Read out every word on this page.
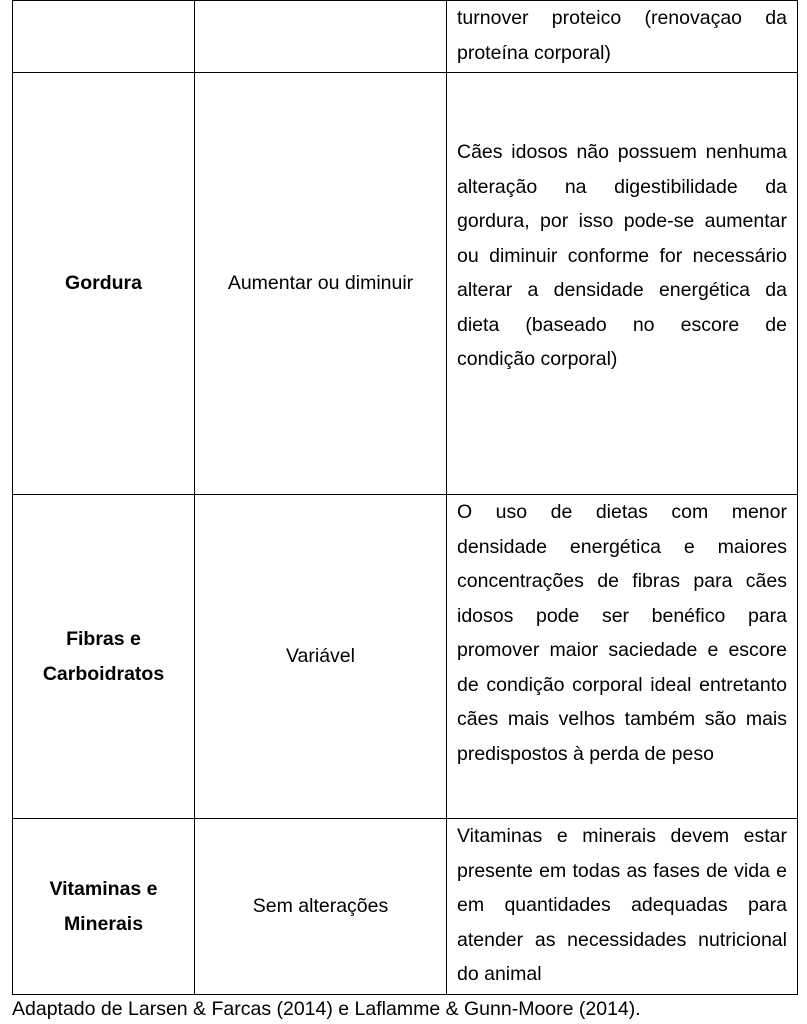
		turnover proteico (renovaçao da proteína corporal)

Gordura	Aumentar ou diminuir	Cães idosos não possuem nenhuma alteração na digestibilidade da gordura, por isso pode-se aumentar ou diminuir conforme for necessário alterar a densidade energética da dieta (baseado no escore de condição corporal)

Fibras e Carboidratos	Variável	O uso de dietas com menor densidade energética e maiores concentrações de fibras para cães idosos pode ser benéfico para promover maior saciedade e escore de condição corporal ideal entretanto cães mais velhos também são mais predispostos à perda de peso

Vitaminas e Minerais	Sem alterações	Vitaminas e minerais devem estar presente em todas as fases de vida e em quantidades adequadas para atender as necessidades nutricional do animal

Adaptado de Larsen & Farcas (2014) e Laflamme & Gunn-Moore (2014).
